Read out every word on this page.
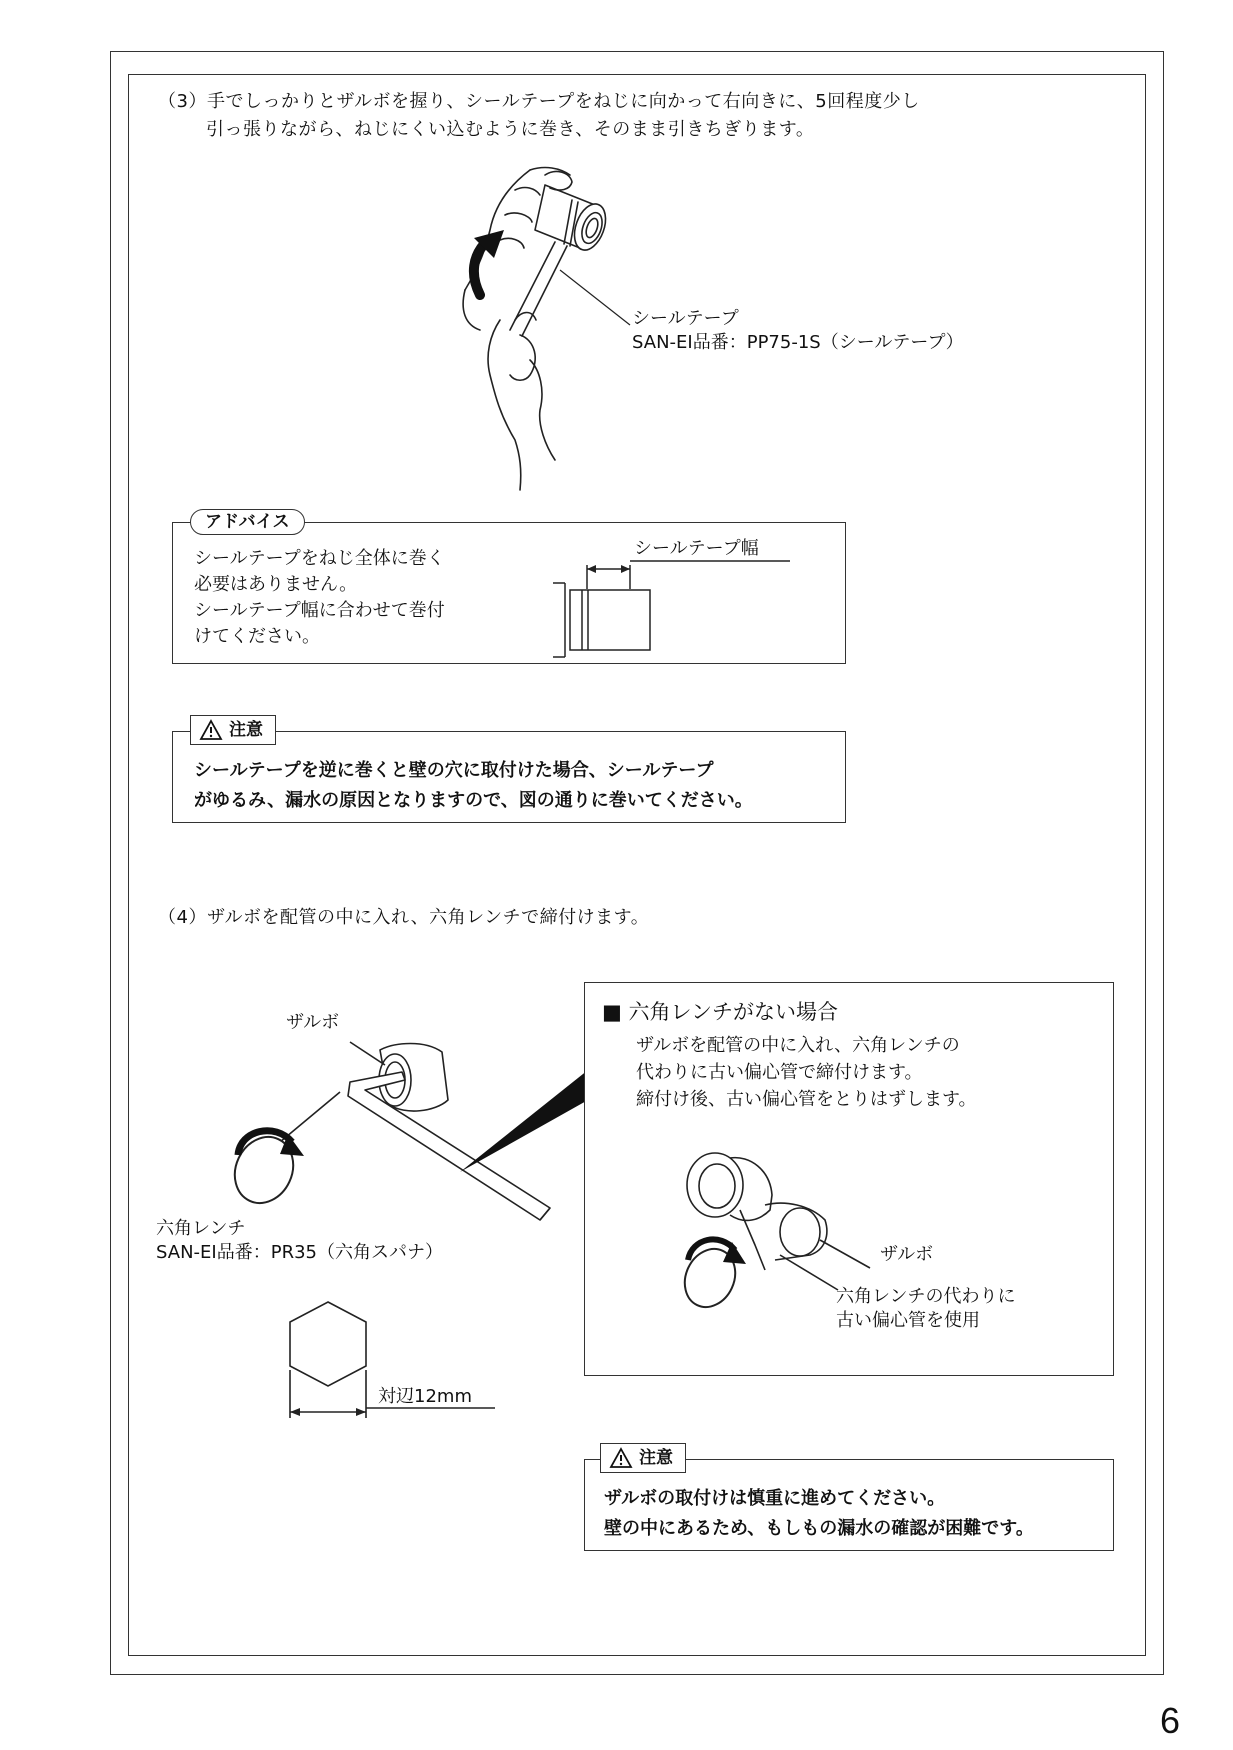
（3）手でしっかりとザルボを握り、シールテープをねじに向かって右向きに、5回程度少し
引っ張りながら、ねじにくい込むように巻き、そのまま引きちぎります。
シールテープ
SAN-EI品番：PP75-1S（シールテープ）
アドバイス
シールテープをねじ全体に巻く
必要はありません。
シールテープ幅に合わせて巻付
けてください。
シールテープ幅
注意
シールテープを逆に巻くと壁の穴に取付けた場合、シールテープ
がゆるみ、漏水の原因となりますので、図の通りに巻いてください。
（4）ザルボを配管の中に入れ、六角レンチで締付けます。
ザルボ
六角レンチ
SAN-EI品番：PR35（六角スパナ）
対辺12mm
■ 六角レンチがない場合
ザルボを配管の中に入れ、六角レンチの
代わりに古い偏心管で締付けます。
締付け後、古い偏心管をとりはずします。
ザルボ
六角レンチの代わりに
古い偏心管を使用
注意
ザルボの取付けは慎重に進めてください。
壁の中にあるため、もしもの漏水の確認が困難です。
6
